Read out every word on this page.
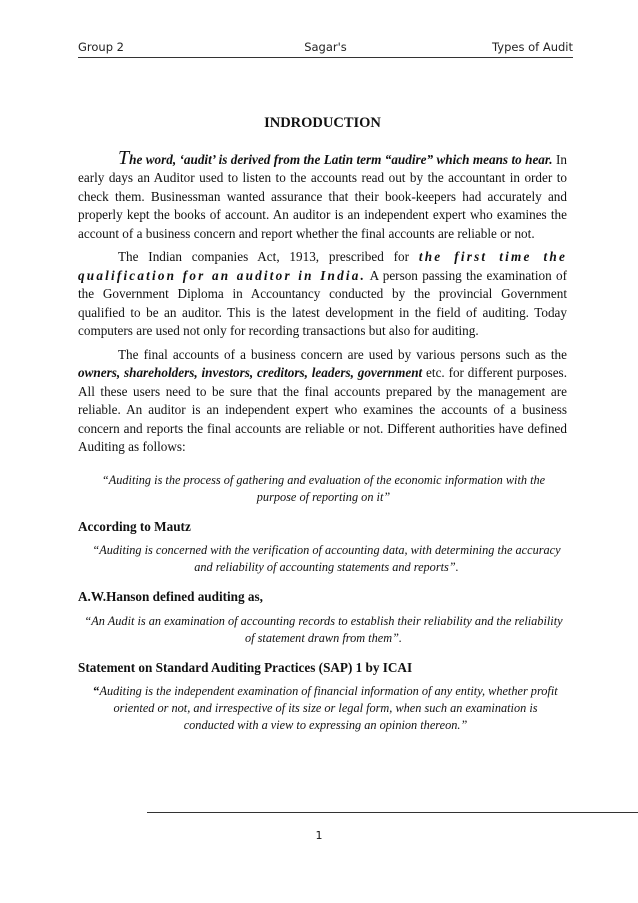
Group 2	Sagar's	Types of Audit
INDRODUCTION

The word, ‘audit’ is derived from the Latin term “audire” which means to hear. In early days an Auditor used to listen to the accounts read out by the accountant in order to check them. Businessman wanted assurance that their book-keepers had accurately and properly kept the books of account. An auditor is an independent expert who examines the account of a business concern and report whether the final accounts are reliable or not.

The Indian companies Act, 1913, prescribed for the first time the qualification for an auditor in India. A person passing the examination of the Government Diploma in Accountancy conducted by the provincial Government qualified to be an auditor. This is the latest development in the field of auditing. Today computers are used not only for recording transactions but also for auditing.

The final accounts of a business concern are used by various persons such as the owners, shareholders, investors, creditors, leaders, government etc. for different purposes. All these users need to be sure that the final accounts prepared by the management are reliable. An auditor is an independent expert who examines the accounts of a business concern and reports the final accounts are reliable or not. Different authorities have defined Auditing as follows:

“Auditing is the process of gathering and evaluation of the economic information with the purpose of reporting on it”
According to Mautz
“Auditing is concerned with the verification of accounting data, with determining the accuracy and reliability of accounting statements and reports”.
A.W.Hanson defined auditing as,
“An Audit is an examination of accounting records to establish their reliability and the reliability of statement drawn from them”.
Statement on Standard Auditing Practices (SAP) 1 by ICAI
“Auditing is the independent examination of financial information of any entity, whether profit oriented or not, and irrespective of its size or legal form, when such an examination is conducted with a view to expressing an opinion thereon.”
1
